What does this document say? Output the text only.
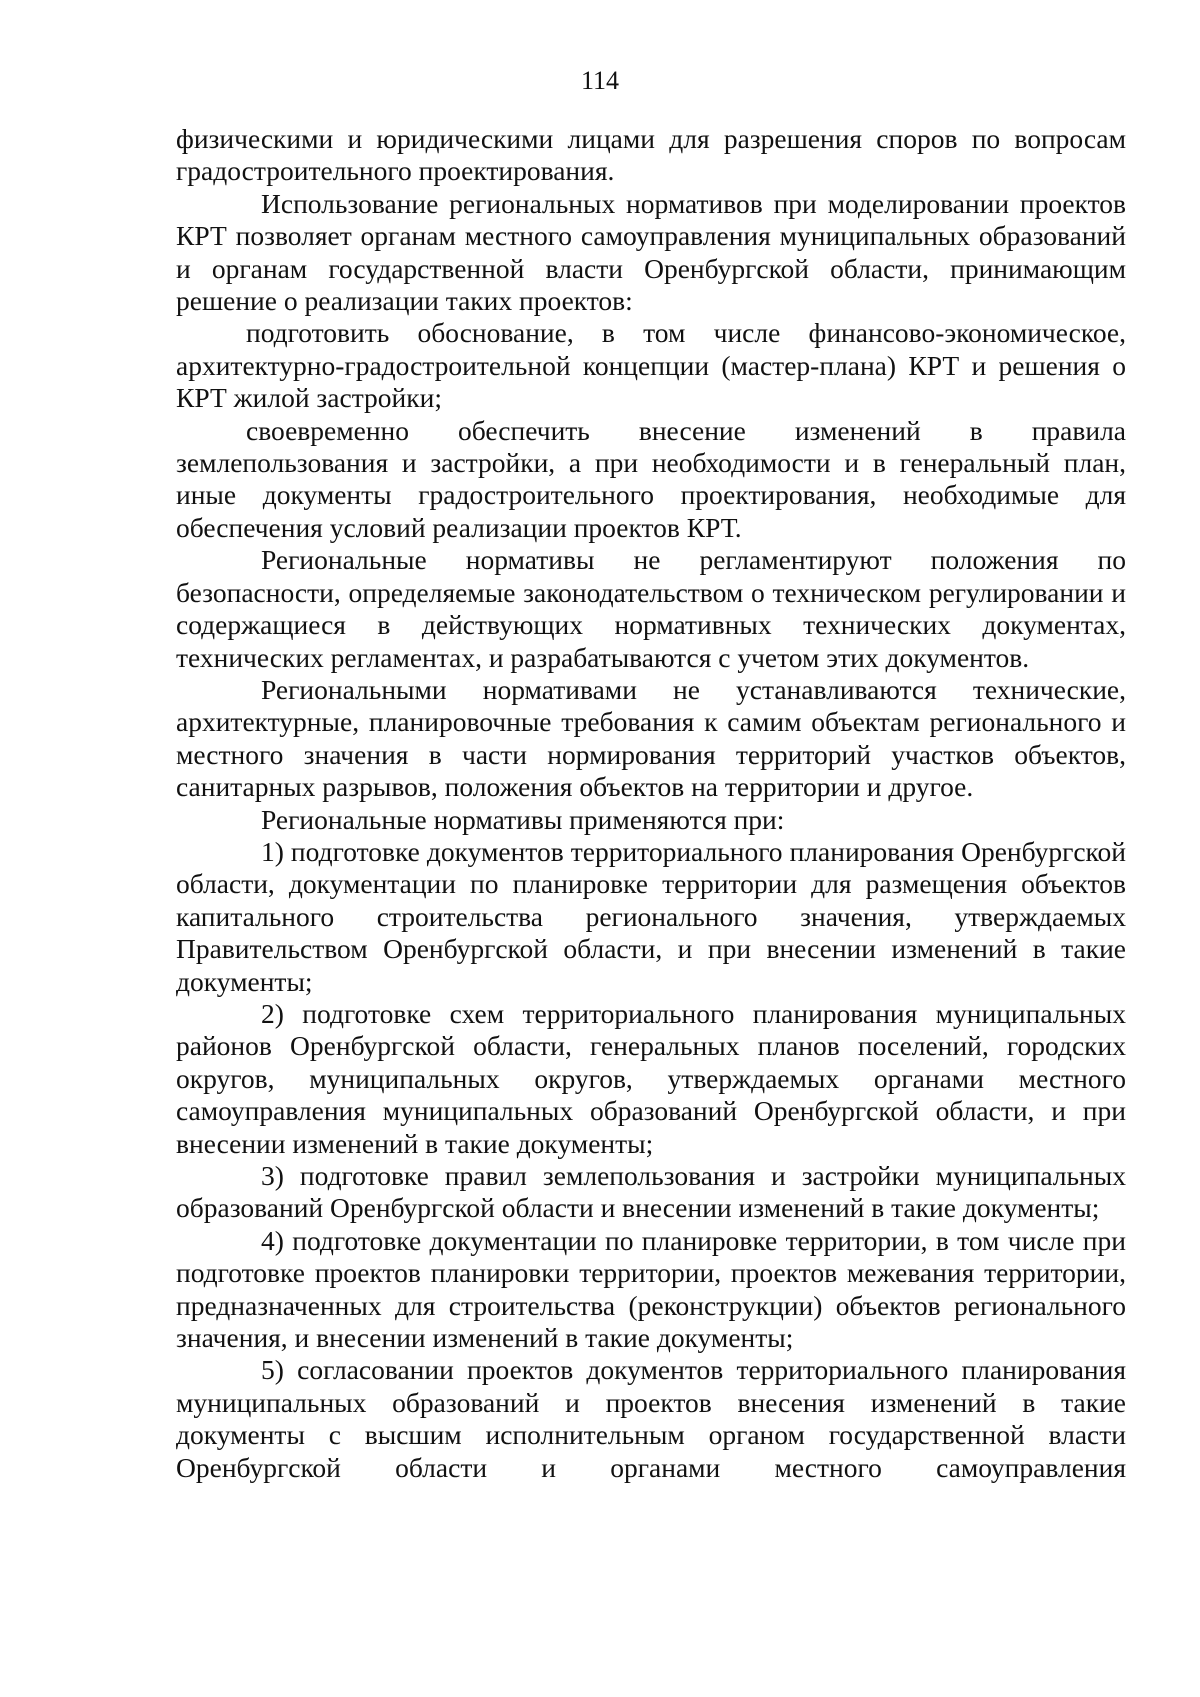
114

физическими и юридическими лицами для разрешения споров по вопросам градостроительного проектирования.

Использование региональных нормативов при моделировании проектов КРТ позволяет органам местного самоуправления муниципальных образований и органам государственной власти Оренбургской области, принимающим решение о реализации таких проектов:

подготовить обоснование, в том числе финансово-экономическое, архитектурно-градостроительной концепции (мастер-плана) КРТ и решения о КРТ жилой застройки;

своевременно обеспечить внесение изменений в правила землепользования и застройки, а при необходимости и в генеральный план, иные документы градостроительного проектирования, необходимые для обеспечения условий реализации проектов КРТ.

Региональные нормативы не регламентируют положения по безопасности, определяемые законодательством о техническом регулировании и содержащиеся в действующих нормативных технических документах, технических регламентах, и разрабатываются с учетом этих документов.

Региональными нормативами не устанавливаются технические, архитектурные, планировочные требования к самим объектам регионального и местного значения в части нормирования территорий участков объектов, санитарных разрывов, положения объектов на территории и другое.

Региональные нормативы применяются при:

1) подготовке документов территориального планирования Оренбургской области, документации по планировке территории для размещения объектов капитального строительства регионального значения, утверждаемых Правительством Оренбургской области, и при внесении изменений в такие документы;

2) подготовке схем территориального планирования муниципальных районов Оренбургской области, генеральных планов поселений, городских округов, муниципальных округов, утверждаемых органами местного самоуправления муниципальных образований Оренбургской области, и при внесении изменений в такие документы;

3) подготовке правил землепользования и застройки муниципальных образований Оренбургской области и внесении изменений в такие документы;

4) подготовке документации по планировке территории, в том числе при подготовке проектов планировки территории, проектов межевания территории, предназначенных для строительства (реконструкции) объектов регионального значения, и внесении изменений в такие документы;

5) согласовании проектов документов территориального планирования муниципальных образований и проектов внесения изменений в такие документы с высшим исполнительным органом государственной власти Оренбургской области и органами местного самоуправления
